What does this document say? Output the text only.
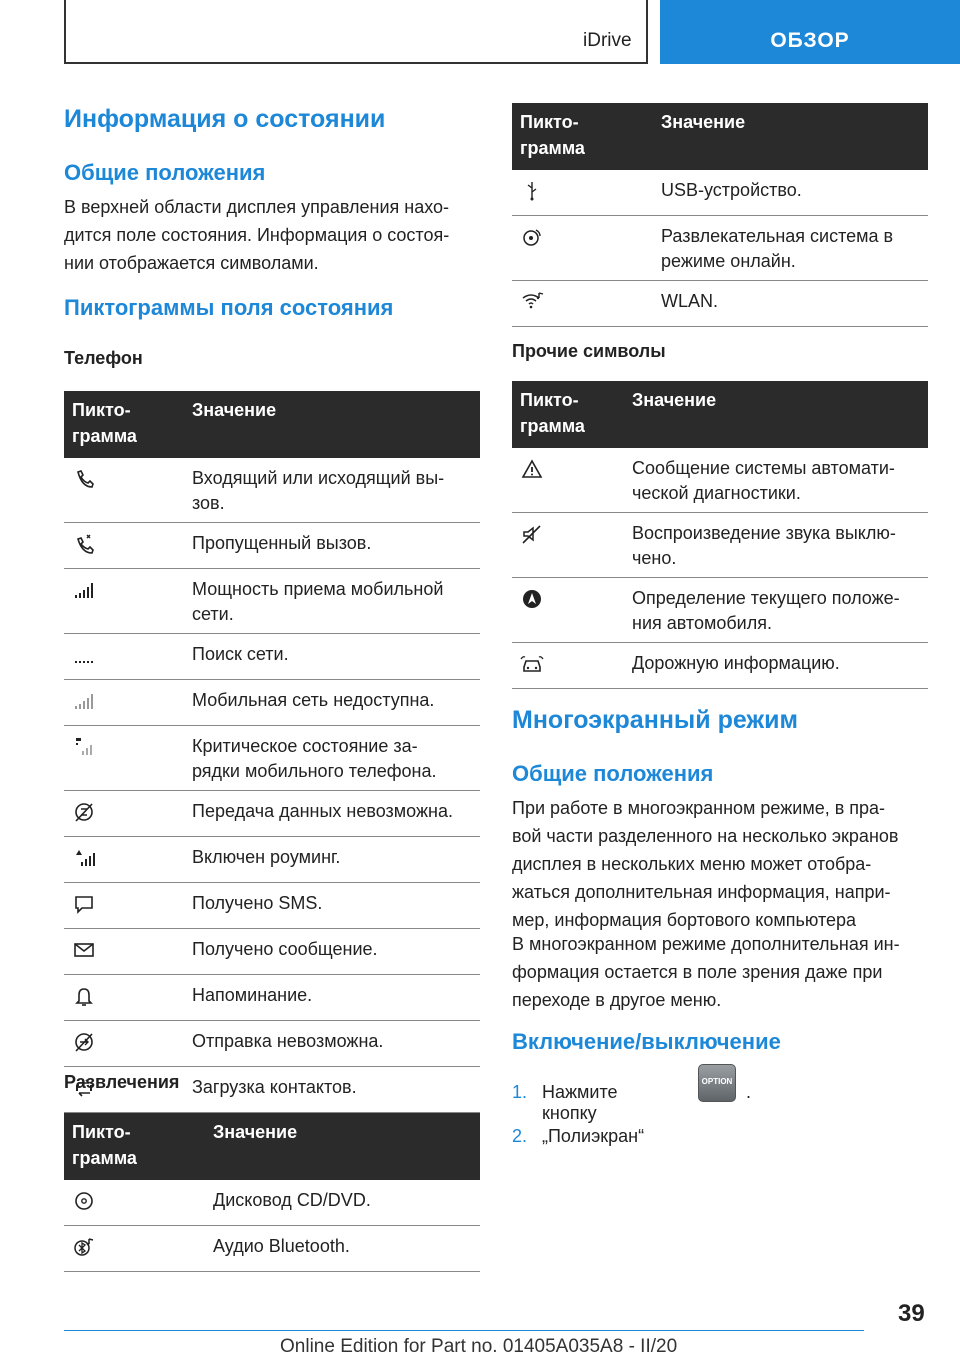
iDrive	ОБЗОР
Информация о состоянии
Общие положения
В верхней области дисплея управления нахо-
дится поле состояния. Информация о состоя-
нии отображается символами.
Пиктограммы поля состояния
Телефон
Пикто-
грамма	Значение

Входящий или исходящий вы-
зов.

Пропущенный вызов.

Мощность приема мобильной
сети.

Поиск сети.

Мобильная сеть недоступна.

Критическое состояние за-
рядки мобильного телефона.

Передача данных невозможна.

Включен роуминг.

Получено SMS.

Получено сообщение.

Напоминание.

Отправка невозможна.

Загрузка контактов.
Развлечения
Пикто-
грамма	Значение

Дисковод CD/DVD.

Аудио Bluetooth.
Пикто-
грамма	Значение

USB-устройство.

Развлекательная система в
режиме онлайн.

WLAN.
Прочие символы
Пикто-
грамма	Значение

Сообщение системы автомати-
ческой диагностики.

Воспроизведение звука выклю-
чено.

Определение текущего положе-
ния автомобиля.

Дорожную информацию.
Многоэкранный режим
Общие положения
При работе в многоэкранном режиме, в пра-
вой части разделенного на несколько экранов
дисплея в нескольких меню может отобра-
жаться дополнительная информация, напри-
мер, информация бортового компьютера
В многоэкранном режиме дополнительная ин-
формация остается в поле зрения даже при
переходе в другое меню.
Включение/выключение
1. Нажмите кнопку
OPTION
.
2. „Полиэкран“
39
Online Edition for Part no. 01405A035A8 - II/20
